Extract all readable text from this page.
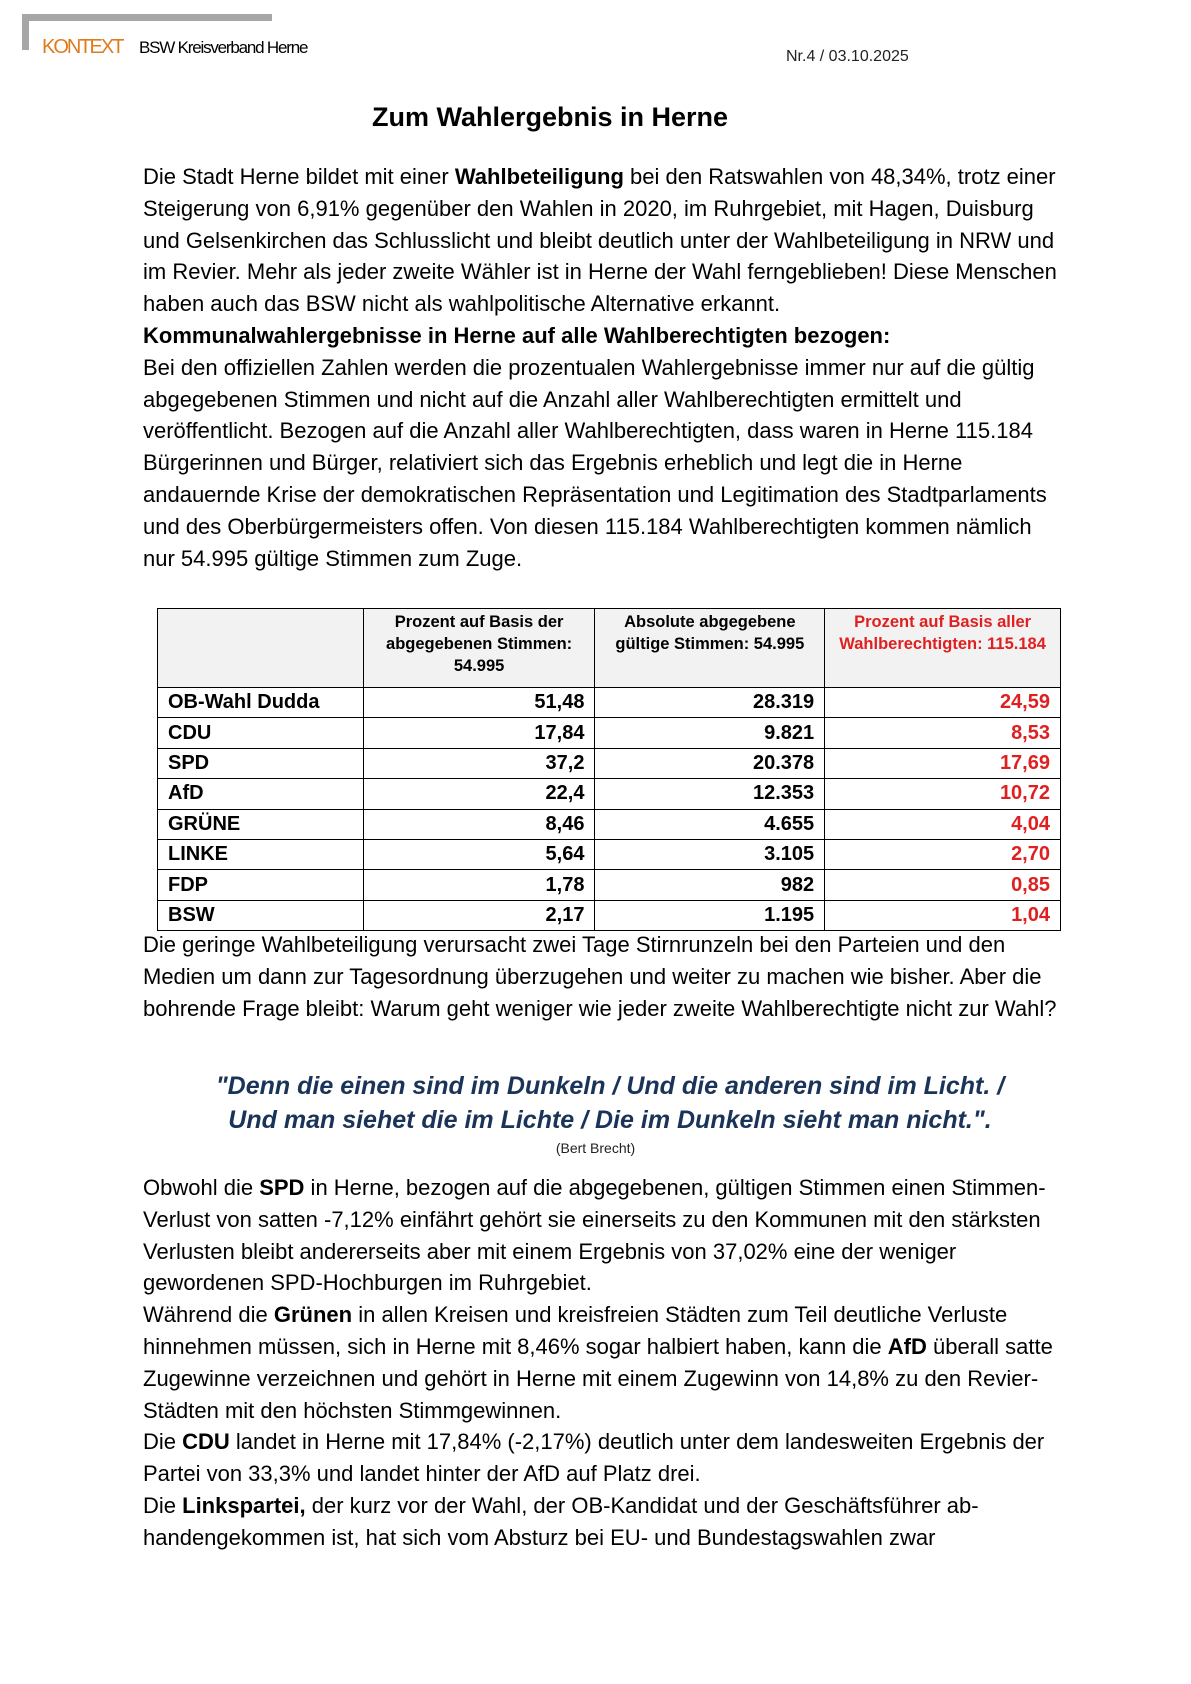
KONTEXT BSW Kreisverband Herne	Nr.4 / 03.10.2025
Zum Wahlergebnis in Herne

Die Stadt Herne bildet mit einer Wahlbeteiligung bei den Ratswahlen von 48,34%, trotz einer Steigerung von 6,91% gegenüber den Wahlen in 2020, im Ruhrgebiet, mit Hagen, Duisburg und Gelsenkirchen das Schlusslicht und bleibt deutlich unter der Wahlbeteiligung in NRW und im Revier. Mehr als jeder zweite Wähler ist in Herne der Wahl ferngeblieben! Diese Menschen haben auch das BSW nicht als wahlpolitische Alternative erkannt.

Kommunalwahlergebnisse in Herne auf alle Wahlberechtigten bezogen:

Bei den offiziellen Zahlen werden die prozentualen Wahlergebnisse immer nur auf die gültig abgegebenen Stimmen und nicht auf die Anzahl aller Wahlberechtigten ermittelt und veröffentlicht. Bezogen auf die Anzahl aller Wahlberechtigten, dass waren in Herne 115.184 Bürgerinnen und Bürger, relativiert sich das Ergebnis erheblich und legt die in Herne andauernde Krise der demokratischen Repräsentation und Legitimation des Stadtparlaments und des Oberbürgermeisters offen. Von diesen 115.184 Wahlberechtigten kommen nämlich nur 54.995 gültige Stimmen zum Zuge.

	Prozent auf Basis der abgegebenen Stimmen: 54.995	Absolute abgegebene gültige Stimmen: 54.995	Prozent auf Basis aller Wahlberechtigten: 115.184
OB-Wahl Dudda	51,48	28.319	24,59
CDU	17,84	9.821	8,53
SPD	37,2	20.378	17,69
AfD	22,4	12.353	10,72
GRÜNE	8,46	4.655	4,04
LINKE	5,64	3.105	2,70
FDP	1,78	982	0,85
BSW	2,17	1.195	1,04

Die geringe Wahlbeteiligung verursacht zwei Tage Stirnrunzeln bei den Parteien und den Medien um dann zur Tagesordnung überzugehen und weiter zu machen wie bisher. Aber die bohrende Frage bleibt: Warum geht weniger wie jeder zweite Wahlberechtigte nicht zur Wahl?

"Denn die einen sind im Dunkeln / Und die anderen sind im Licht. /
Und man siehet die im Lichte / Die im Dunkeln sieht man nicht.".
(Bert Brecht)

Obwohl die SPD in Herne, bezogen auf die abgegebenen, gültigen Stimmen einen Stimmen-Verlust von satten -7,12% einfährt gehört sie einerseits zu den Kommunen mit den stärksten Verlusten bleibt andererseits aber mit einem Ergebnis von 37,02% eine der weniger gewordenen SPD-Hochburgen im Ruhrgebiet.

Während die Grünen in allen Kreisen und kreisfreien Städten zum Teil deutliche Verluste hinnehmen müssen, sich in Herne mit 8,46% sogar halbiert haben, kann die AfD überall satte Zugewinne verzeichnen und gehört in Herne mit einem Zugewinn von 14,8% zu den Revier-Städten mit den höchsten Stimmgewinnen.

Die CDU landet in Herne mit 17,84% (-2,17%) deutlich unter dem landesweiten Ergebnis der Partei von 33,3% und landet hinter der AfD auf Platz drei.

Die Linkspartei, der kurz vor der Wahl, der OB-Kandidat und der Geschäftsführer abhandengekommen ist, hat sich vom Absturz bei EU- und Bundestagswahlen zwar
